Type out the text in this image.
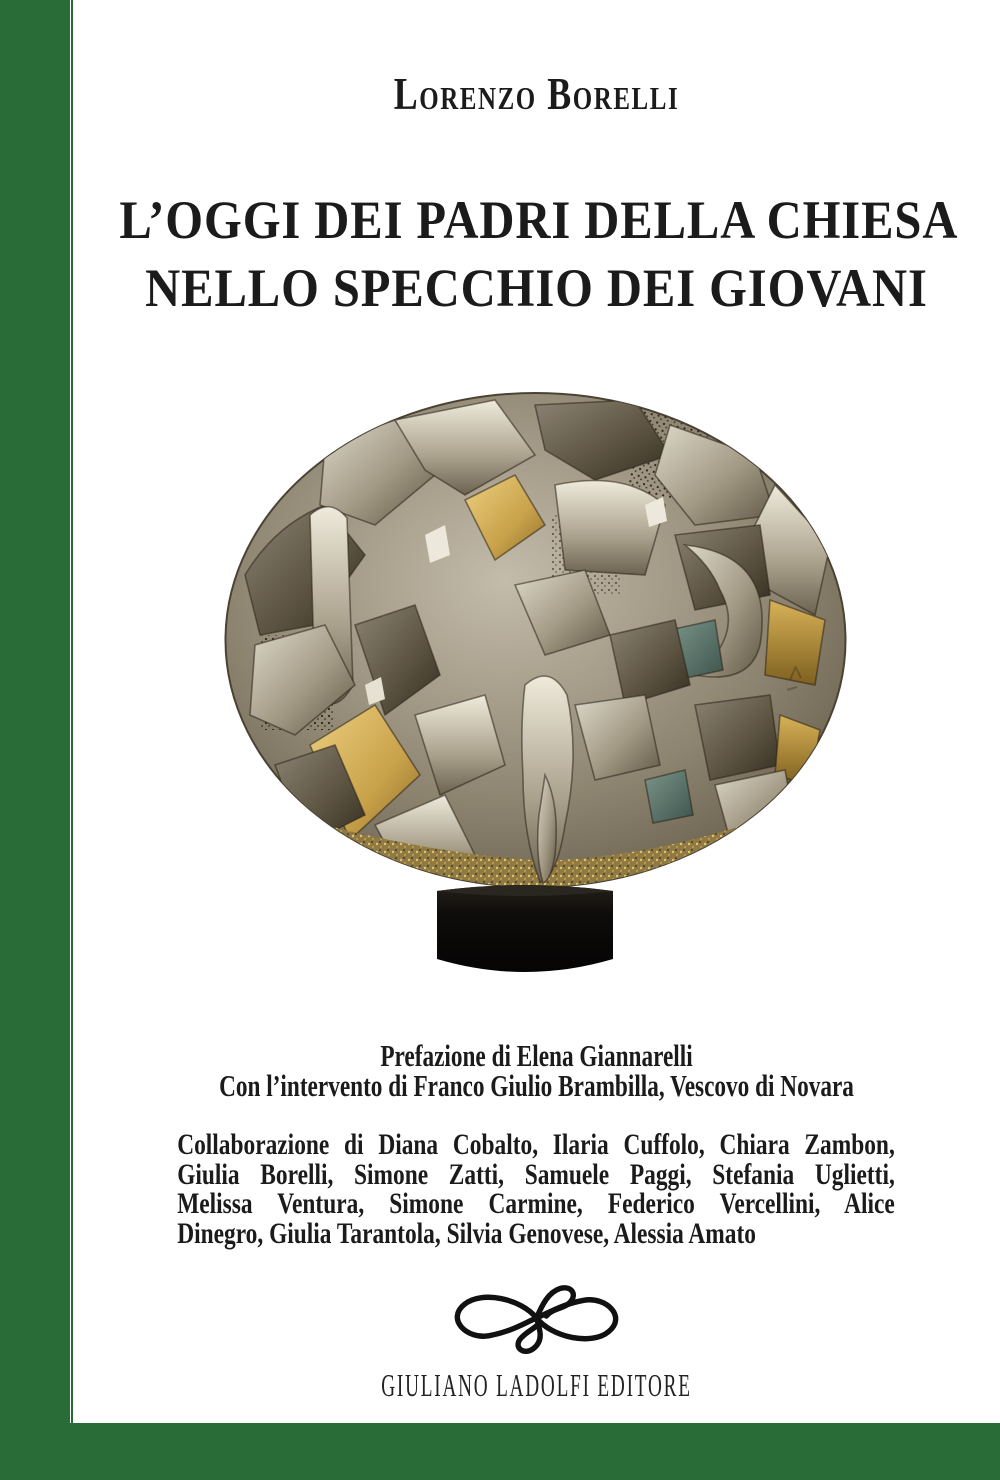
Lorenzo Borelli
L’OGGI DEI PADRI DELLA CHIESA
NELLO SPECCHIO DEI GIOVANI
Prefazione di Elena Giannarelli
Con l’intervento di Franco Giulio Brambilla, Vescovo di Novara
Collaborazione di Diana Cobalto, Ilaria Cuffolo, Chiara Zambon,
Giulia Borelli, Simone Zatti, Samuele Paggi, Stefania Uglietti,
Melissa Ventura, Simone Carmine, Federico Vercellini, Alice
Dinegro, Giulia Tarantola, Silvia Genovese, Alessia Amato
GIULIANO LADOLFI EDITORE
